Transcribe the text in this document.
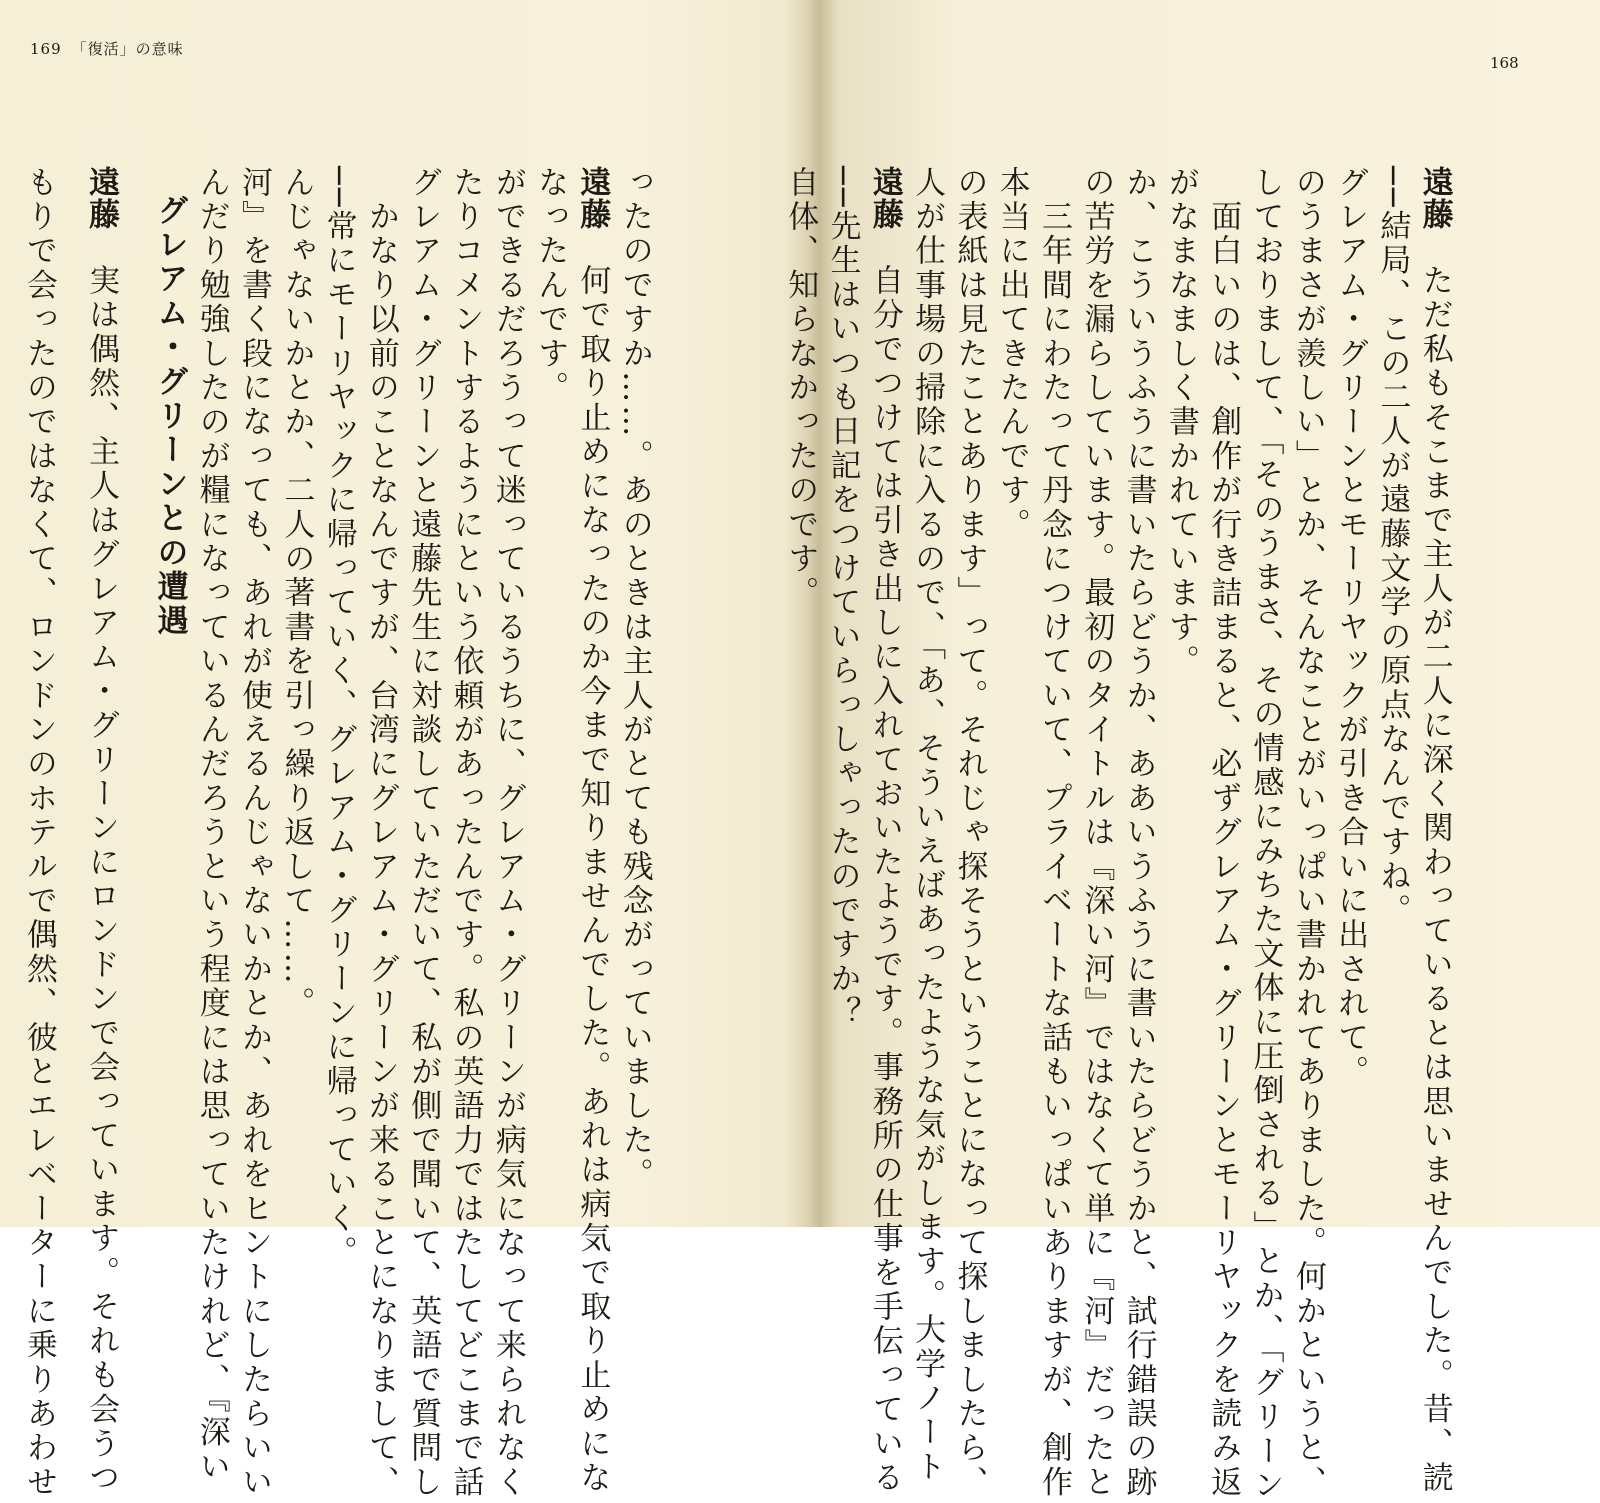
169 「復活」の意味

ったのですか……。あのときは主人がとても残念がっていました。
遠藤　何で取り止めになったのか今まで知りませんでした。あれは病気で取り止めにな
なったんです。
ができるだろうって迷っているうちに、グレアム・グリーンが病気になって来られなく
たりコメントするようにという依頼があったんです。私の英語力ではたしてどこまで話
グレアム・グリーンと遠藤先生に対談していただいて、私が側で聞いて、英語で質問し
　かなり以前のことなんですが、台湾にグレアム・グリーンが来ることになりまして、
──常にモーリヤックに帰っていく、グレアム・グリーンに帰っていく。
んじゃないかとか、二人の著書を引っ繰り返して……。
河』を書く段になっても、あれが使えるんじゃないかとか、あれをヒントにしたらいい
んだり勉強したのが糧になっているんだろうという程度には思っていたけれど、『深い
グレアム・グリーンとの遭遇
遠藤　実は偶然、主人はグレアム・グリーンにロンドンで会っています。それも会うつ
もりで会ったのではなくて、ロンドンのホテルで偶然、彼とエレベーターに乗りあわせ

168

遠藤　ただ私もそこまで主人が二人に深く関わっているとは思いませんでした。昔、読
──結局、この二人が遠藤文学の原点なんですね。
グレアム・グリーンとモーリヤックが引き合いに出されて。
のうまさが羨しい」とか、そんなことがいっぱい書かれてありました。何かというと、
しておりまして、「そのうまさ、その情感にみちた文体に圧倒される」とか、「グリーン
　面白いのは、創作が行き詰まると、必ずグレアム・グリーンとモーリヤックを読み返
がなまなましく書かれています。
か、こういうふうに書いたらどうか、ああいうふうに書いたらどうかと、試行錯誤の跡
の苦労を漏らしています。最初のタイトルは『深い河』ではなくて単に『河』だったと
　三年間にわたって丹念につけていて、プライベートな話もいっぱいありますが、創作
本当に出てきたんです。
の表紙は見たことあります」って。それじゃ探そうということになって探しましたら、
人が仕事場の掃除に入るので、「あ、そういえばあったような気がします。大学ノート
遠藤　自分でつけては引き出しに入れておいたようです。事務所の仕事を手伝っている
──先生はいつも日記をつけていらっしゃったのですか？
自体、知らなかったのです。
